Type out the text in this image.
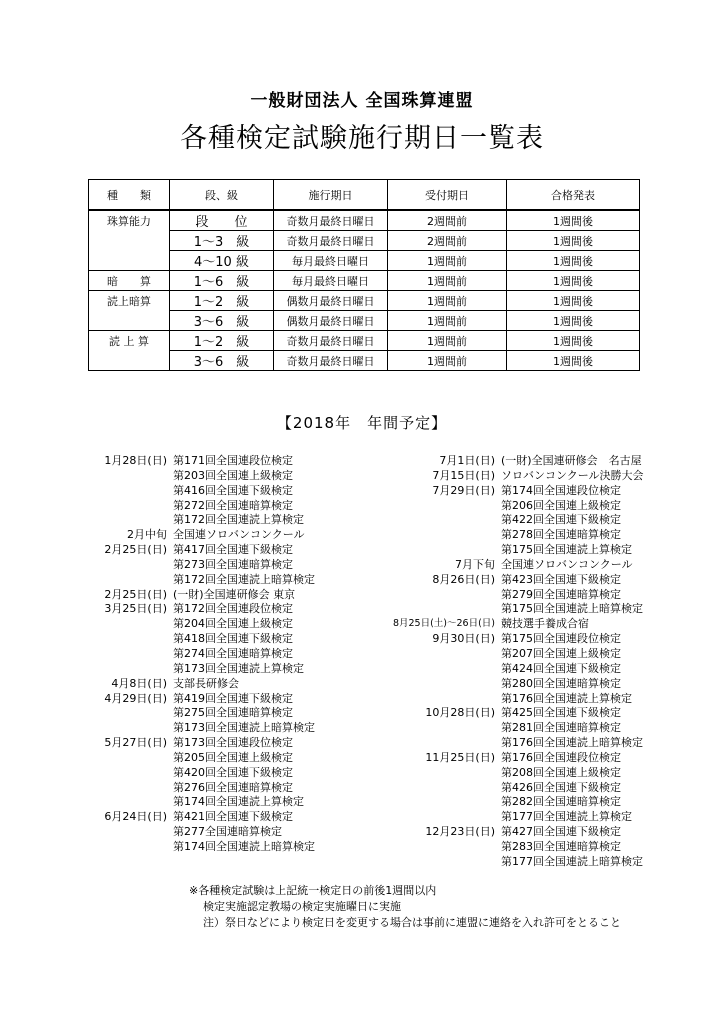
一般財団法人 全国珠算連盟
各種検定試験施行期日一覧表
種　　類	段、級	施行期日	受付期日	合格発表
珠算能力	段　　位	奇数月最終日曜日	2週間前	1週間後
	1～3　級	奇数月最終日曜日	2週間前	1週間後
	4～10 級	毎月最終日曜日	1週間前	1週間後
暗　　算	1～6　級	毎月最終日曜日	1週間前	1週間後
読上暗算	1～2　級	偶数月最終日曜日	1週間前	1週間後
	3～6　級	偶数月最終日曜日	1週間前	1週間後
読 上 算	1～2　級	奇数月最終日曜日	1週間前	1週間後
	3～6　級	奇数月最終日曜日	1週間前	1週間後
【2018年　年間予定】
1月28日(日) 第171回全国連段位検定
第203回全国連上級検定
第416回全国連下級検定
第272回全国連暗算検定
第172回全国連読上算検定
2月中旬 全国連ソロバンコンクール
2月25日(日) 第417回全国連下級検定
第273回全国連暗算検定
第172回全国連読上暗算検定
2月25日(日) (一財)全国連研修会 東京
3月25日(日) 第172回全国連段位検定
第204回全国連上級検定
第418回全国連下級検定
第274回全国連暗算検定
第173回全国連読上算検定
4月8日(日) 支部長研修会
4月29日(日) 第419回全国連下級検定
第275回全国連暗算検定
第173回全国連読上暗算検定
5月27日(日) 第173回全国連段位検定
第205回全国連上級検定
第420回全国連下級検定
第276回全国連暗算検定
第174回全国連読上算検定
6月24日(日) 第421回全国連下級検定
第277全国連暗算検定
第174回全国連読上暗算検定
7月1日(日) (一財)全国連研修会　名古屋
7月15日(日) ソロバンコンクール決勝大会
7月29日(日) 第174回全国連段位検定
第206回全国連上級検定
第422回全国連下級検定
第278回全国連暗算検定
第175回全国連読上算検定
7月下旬 全国連ソロバンコンクール
8月26日(日) 第423回全国連下級検定
第279回全国連暗算検定
第175回全国連読上暗算検定
8月25日(土)～26日(日) 競技選手養成合宿
9月30日(日) 第175回全国連段位検定
第207回全国連上級検定
第424回全国連下級検定
第280回全国連暗算検定
第176回全国連読上算検定
10月28日(日) 第425回全国連下級検定
第281回全国連暗算検定
第176回全国連読上暗算検定
11月25日(日) 第176回全国連段位検定
第208回全国連上級検定
第426回全国連下級検定
第282回全国連暗算検定
第177回全国連読上算検定
12月23日(日) 第427回全国連下級検定
第283回全国連暗算検定
第177回全国連読上暗算検定
※各種検定試験は上記統一検定日の前後1週間以内
検定実施認定教場の検定実施曜日に実施
注）祭日などにより検定日を変更する場合は事前に連盟に連絡を入れ許可をとること
